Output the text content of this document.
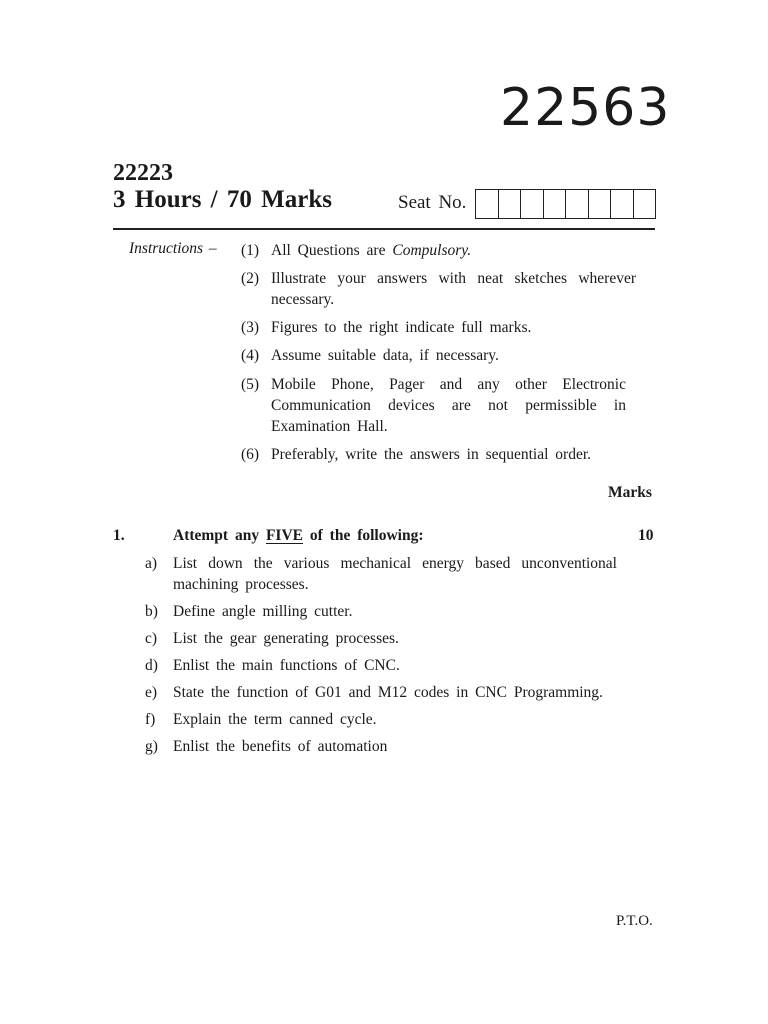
22563
22223
3 Hours / 70 Marks	Seat No.
Instructions – (1) All Questions are Compulsory.
(2) Illustrate your answers with neat sketches wherever necessary.
(3) Figures to the right indicate full marks.
(4) Assume suitable data, if necessary.
(5) Mobile Phone, Pager and any other Electronic Communication devices are not permissible in Examination Hall.
(6) Preferably, write the answers in sequential order.
Marks
1.	Attempt any FIVE of the following:	10
a) List down the various mechanical energy based unconventional machining processes.
b) Define angle milling cutter.
c) List the gear generating processes.
d) Enlist the main functions of CNC.
e) State the function of G01 and M12 codes in CNC Programming.
f) Explain the term canned cycle.
g) Enlist the benefits of automation
P.T.O.
